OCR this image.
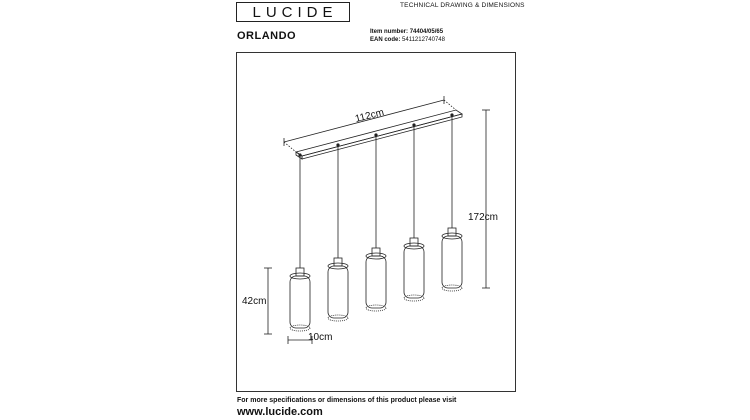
LUCIDE	TECHNICAL DRAWING & DIMENSIONS
ORLANDO	Item number: 74404/05/65
EAN code: 5411212740748
112cm
172cm
42cm
10cm
For more specifications or dimensions of this product please visit
www.lucide.com
